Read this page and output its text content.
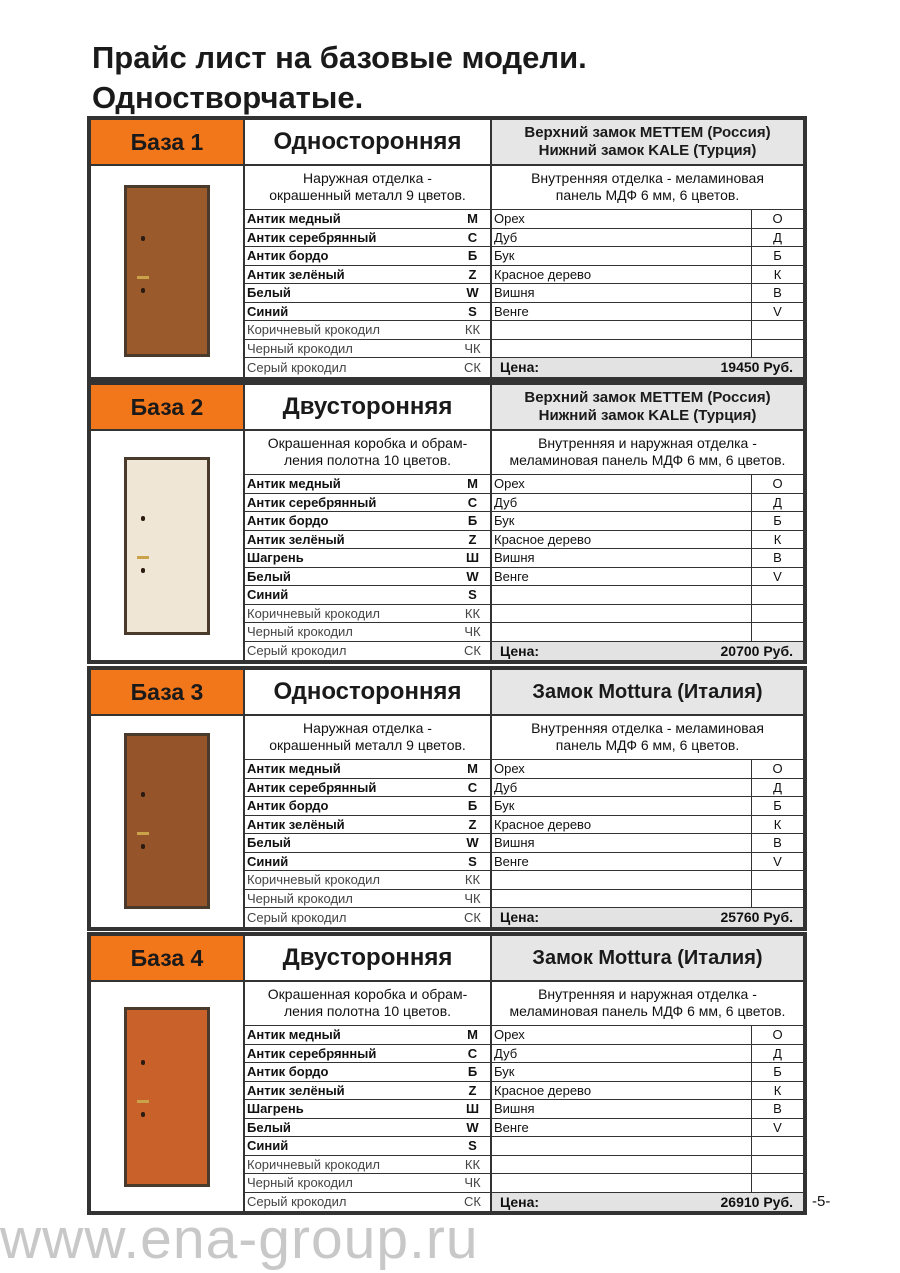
Прайс лист на базовые модели.
Одностворчатые.
База 1	Односторонняя	Верхний замок METTEM (Россия)
Нижний замок KALE (Турция)
Наружная отделка -
окрашенный металл 9 цветов.
Внутренняя отделка - меламиновая
панель МДФ 6 мм, 6 цветов.
Антик медный	M	Орех	O
Антик серебрянный	C	Дуб	Д
Антик бордо	Б	Бук	Б
Антик зелёный	Z	Красное дерево	К
Белый	W	Вишня	В
Синий	S	Венге	V
Коричневый крокодил	КК
Черный крокодил	ЧК
Серый крокодил	СК	Цена:	19450 Руб.
База 2	Двусторонняя	Верхний замок METTEM (Россия)
Нижний замок KALE (Турция)
Окрашенная коробка и обрам-
ления полотна 10 цветов.
Внутренняя и наружная отделка -
меламиновая панель МДФ 6 мм, 6 цветов.
Антик медный	M	Орех	O
Антик серебрянный	C	Дуб	Д
Антик бордо	Б	Бук	Б
Антик зелёный	Z	Красное дерево	К
Шагрень	Ш	Вишня	В
Белый	W	Венге	V
Синий	S
Коричневый крокодил	КК
Черный крокодил	ЧК
Серый крокодил	СК	Цена:	20700 Руб.
База 3	Односторонняя	Замок Mottura (Италия)
Наружная отделка -
окрашенный металл 9 цветов.
Внутренняя отделка - меламиновая
панель МДФ 6 мм, 6 цветов.
Антик медный	M	Орех	O
Антик серебрянный	C	Дуб	Д
Антик бордо	Б	Бук	Б
Антик зелёный	Z	Красное дерево	К
Белый	W	Вишня	В
Синий	S	Венге	V
Коричневый крокодил	КК
Черный крокодил	ЧК
Серый крокодил	СК	Цена:	25760 Руб.
База 4	Двусторонняя	Замок Mottura (Италия)
Окрашенная коробка и обрам-
ления полотна 10 цветов.
Внутренняя и наружная отделка -
меламиновая панель МДФ 6 мм, 6 цветов.
Антик медный	M	Орех	O
Антик серебрянный	C	Дуб	Д
Антик бордо	Б	Бук	Б
Антик зелёный	Z	Красное дерево	К
Шагрень	Ш	Вишня	В
Белый	W	Венге	V
Синий	S
Коричневый крокодил	КК
Черный крокодил	ЧК
Серый крокодил	СК	Цена:	26910 Руб. -5-
www.ena-group.ru
